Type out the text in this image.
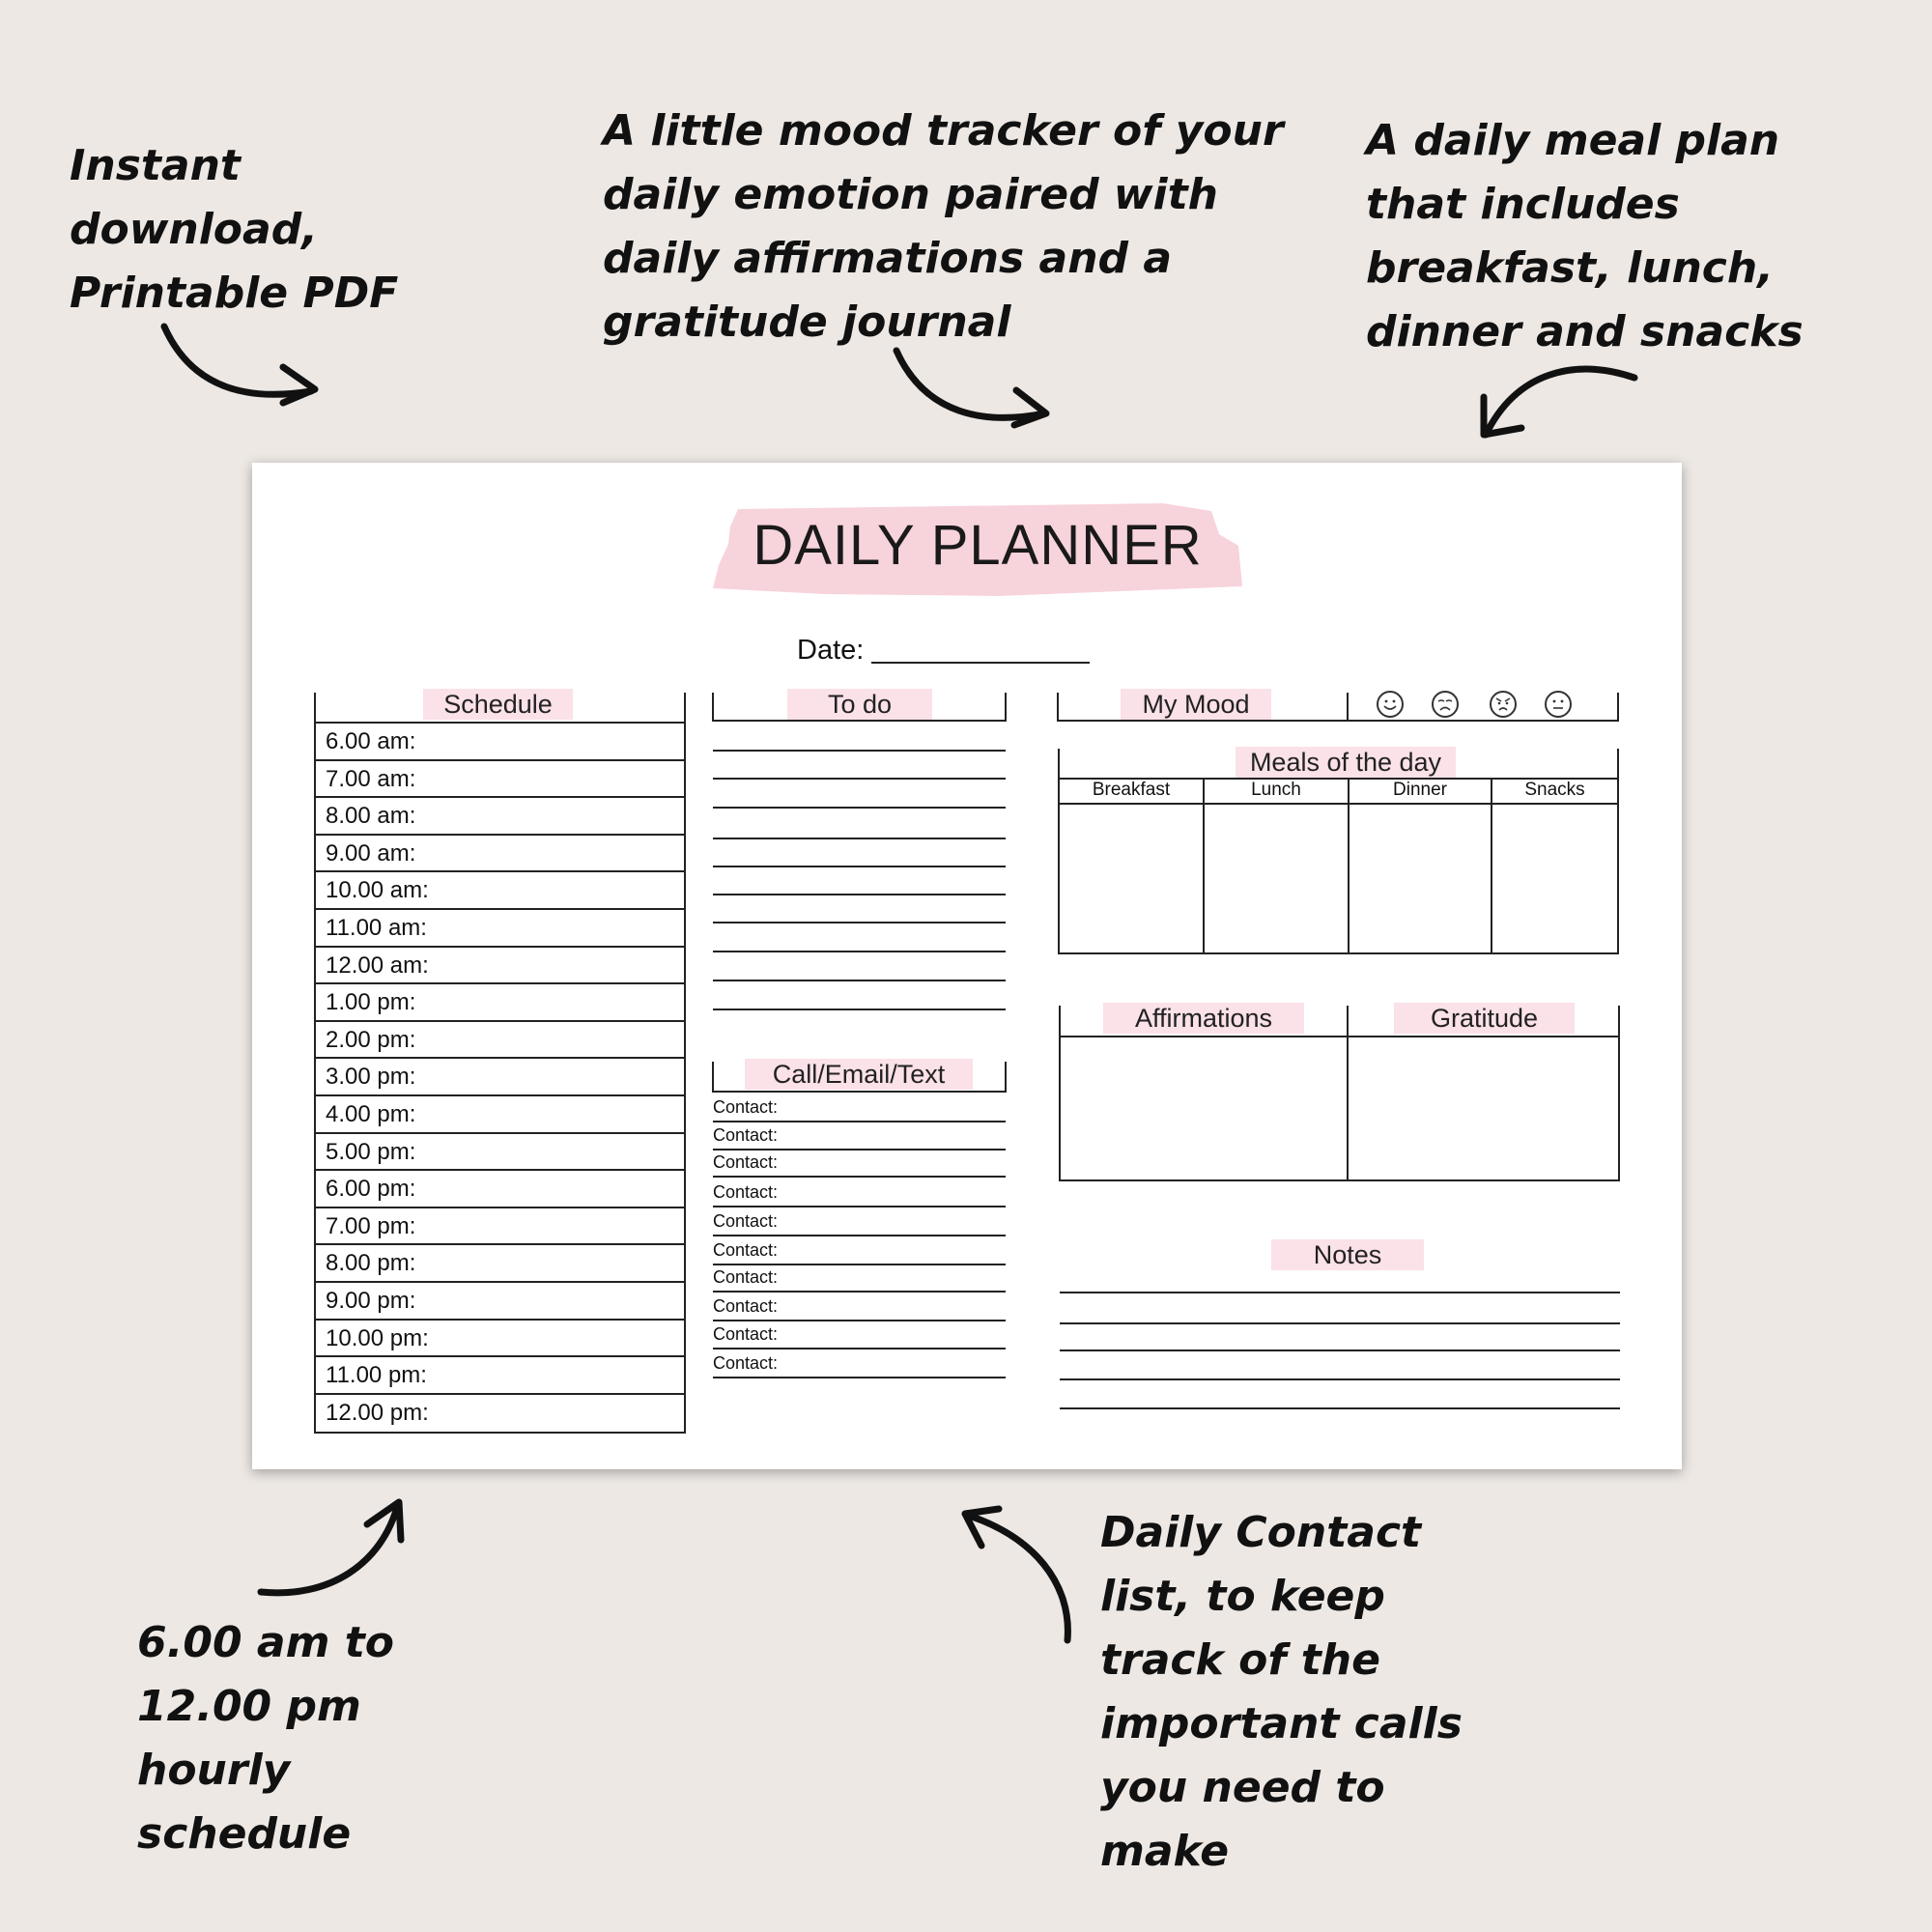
Instant
download,
Printable PDF
A little mood tracker of your
daily emotion paired with
daily affirmations and a
gratitude journal
A daily meal plan
that includes
breakfast, lunch,
dinner and snacks
6.00 am to
12.00 pm
hourly
schedule
Daily Contact
list, to keep
track of the
important calls
you need to
make
DAILY PLANNER
Date:
Schedule
6.00 am:
7.00 am:
8.00 am:
9.00 am:
10.00 am:
11.00 am:
12.00 am:
1.00 pm:
2.00 pm:
3.00 pm:
4.00 pm:
5.00 pm:
6.00 pm:
7.00 pm:
8.00 pm:
9.00 pm:
10.00 pm:
11.00 pm:
12.00 pm:
To do
Call/Email/Text
Contact:
Contact:
Contact:
Contact:
Contact:
Contact:
Contact:
Contact:
Contact:
Contact:
My Mood
Meals of the day
Breakfast	Lunch	Dinner	Snacks
Affirmations	Gratitude
Notes
